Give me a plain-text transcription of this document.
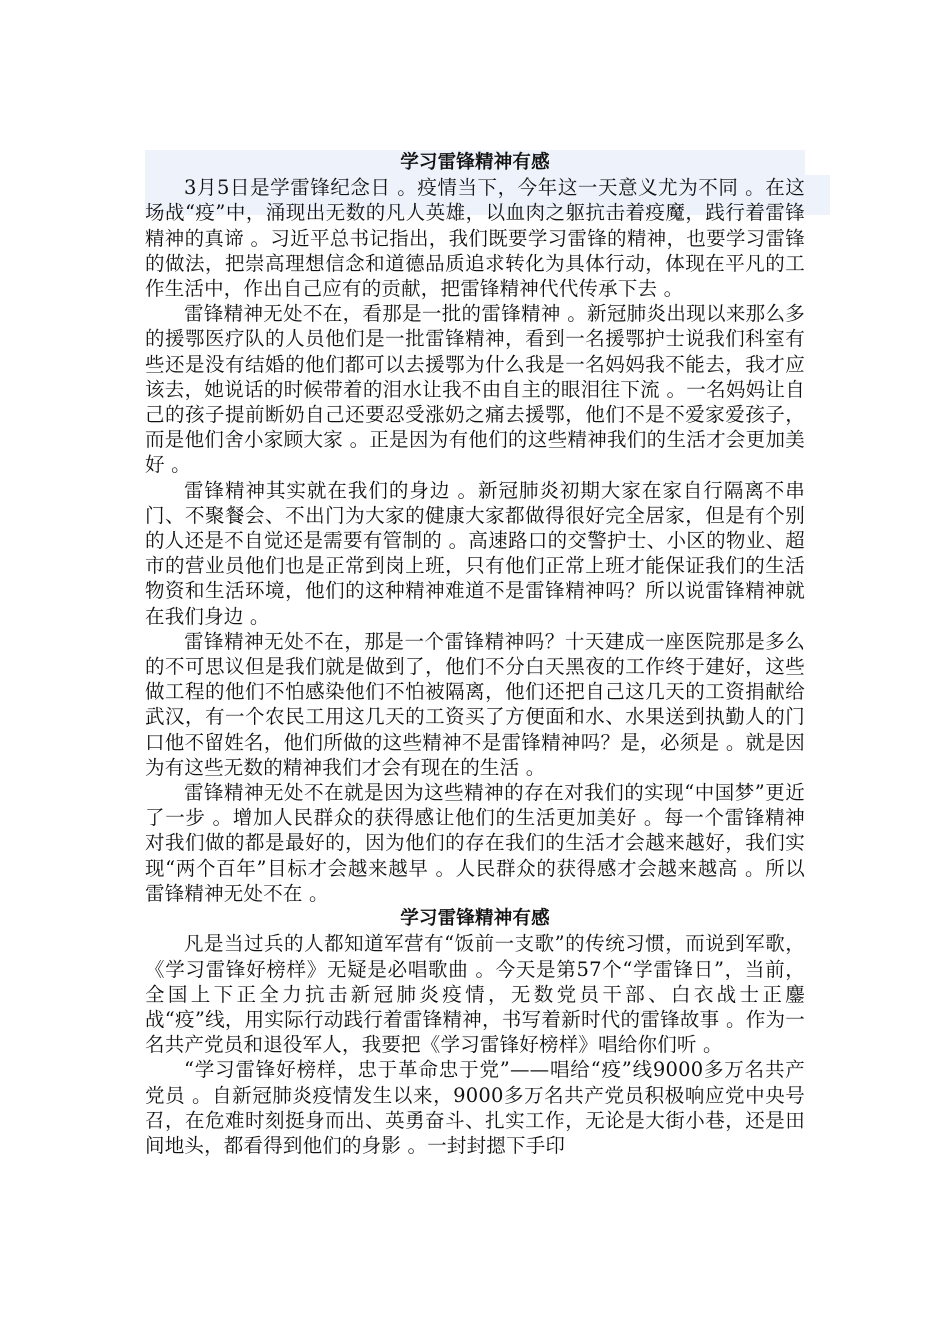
学习雷锋精神有感

3月5日是学雷锋纪念日 。疫情当下，今年这一天意义尤为不同 。在这场战“疫”中，涌现出无数的凡人英雄，以血肉之躯抗击着疫魔，践行着雷锋精神的真谛 。习近平总书记指出，我们既要学习雷锋的精神，也要学习雷锋的做法，把崇高理想信念和道德品质追求转化为具体行动，体现在平凡的工作生活中，作出自己应有的贡献，把雷锋精神代代传承下去 。

雷锋精神无处不在，看那是一批的雷锋精神 。新冠肺炎出现以来那么多的援鄂医疗队的人员他们是一批雷锋精神，看到一名援鄂护士说我们科室有些还是没有结婚的他们都可以去援鄂为什么我是一名妈妈我不能去，我才应该去，她说话的时候带着的泪水让我不由自主的眼泪往下流 。一名妈妈让自己的孩子提前断奶自己还要忍受涨奶之痛去援鄂，他们不是不爱家爱孩子，而是他们舍小家顾大家 。正是因为有他们的这些精神我们的生活才会更加美好 。

雷锋精神其实就在我们的身边 。新冠肺炎初期大家在家自行隔离不串门、不聚餐会、不出门为大家的健康大家都做得很好完全居家，但是有个别的人还是不自觉还是需要有管制的 。高速路口的交警护士、小区的物业、超市的营业员他们也是正常到岗上班，只有他们正常上班才能保证我们的生活物资和生活环境，他们的这种精神难道不是雷锋精神吗？所以说雷锋精神就在我们身边 。

雷锋精神无处不在，那是一个雷锋精神吗？十天建成一座医院那是多么的不可思议但是我们就是做到了，他们不分白天黑夜的工作终于建好，这些做工程的他们不怕感染他们不怕被隔离，他们还把自己这几天的工资捐献给武汉，有一个农民工用这几天的工资买了方便面和水、水果送到执勤人的门口他不留姓名，他们所做的这些精神不是雷锋精神吗？是，必须是 。就是因为有这些无数的精神我们才会有现在的生活 。

雷锋精神无处不在就是因为这些精神的存在对我们的实现“中国梦”更近了一步 。增加人民群众的获得感让他们的生活更加美好 。每一个雷锋精神对我们做的都是最好的，因为他们的存在我们的生活才会越来越好，我们实现“两个百年”目标才会越来越早 。人民群众的获得感才会越来越高 。所以雷锋精神无处不在 。

学习雷锋精神有感

凡是当过兵的人都知道军营有“饭前一支歌”的传统习惯，而说到军歌，《学习雷锋好榜样》无疑是必唱歌曲 。今天是第57个“学雷锋日”，当前，全国上下正全力抗击新冠肺炎疫情，无数党员干部、白衣战士正鏖战“疫”线，用实际行动践行着雷锋精神，书写着新时代的雷锋故事 。作为一名共产党员和退役军人，我要把《学习雷锋好榜样》唱给你们听 。

“学习雷锋好榜样，忠于革命忠于党”——唱给“疫”线9000多万名共产党员 。自新冠肺炎疫情发生以来，9000多万名共产党员积极响应党中央号召，在危难时刻挺身而出、英勇奋斗、扎实工作，无论是大街小巷，还是田间地头，都看得到他们的身影 。一封封摁下手印
